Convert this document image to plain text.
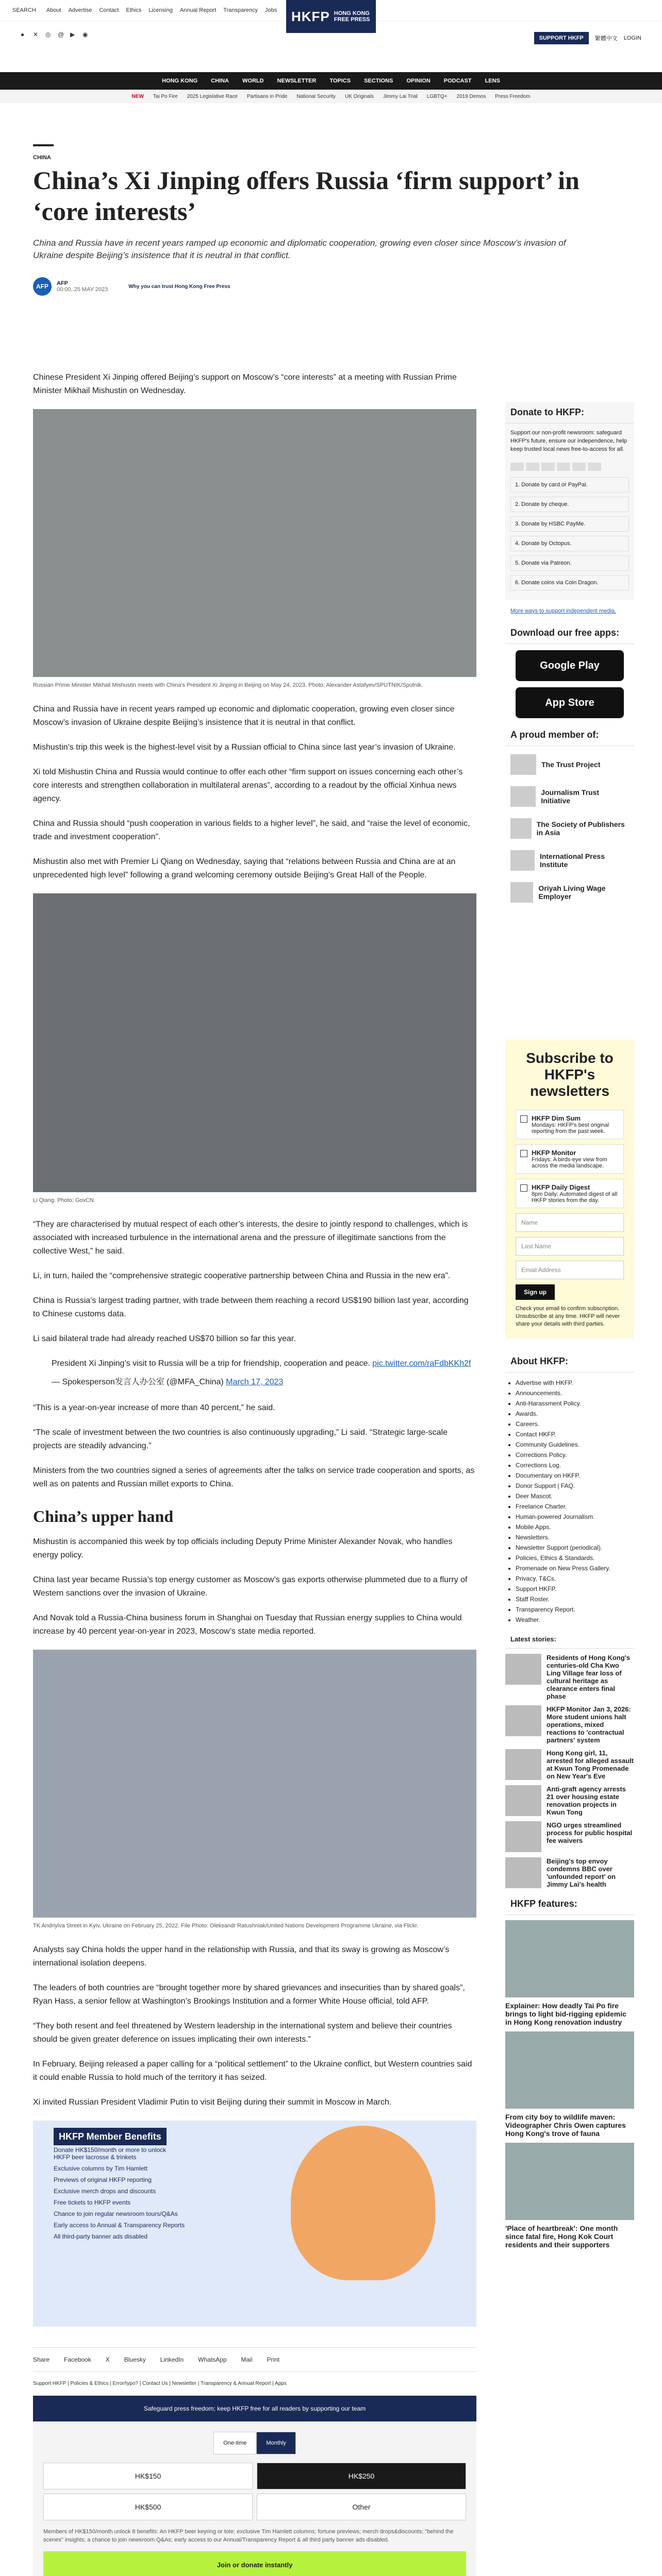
SEARCH About Advertise Contact Ethics Licensing Annual Report Transparency Jobs HKFP HONG KONG
FREE PRESS
●	✕	◎ @ ▶	◉	SUPPORT HKFP	繁體中文 LOGIN
HONG KONG CHINA WORLD NEWSLETTER TOPICS SECTIONS OPINION PODCAST LENS
NEW Tai Po Fire 2025 Legislative Race Partisans in Pride National Security UK Originals Jimmy Lai Trial LGBTQ+ 2019 Demos Press Freedom
CHINA
China’s Xi Jinping offers Russia ‘firm support’ in ‘core interests’
China and Russia have in recent years ramped up economic and diplomatic cooperation, growing even closer since Moscow’s invasion of Ukraine despite Beijing’s insistence that it is neutral in that conflict.
AFP	AFP
00:00, 25 MAY 2023	Why you can trust Hong Kong Free Press

Chinese President Xi Jinping offered Beijing’s support on Moscow’s “core interests” at a meeting with Russian Prime Minister Mikhail Mishustin on Wednesday.

Russian Prime Minister Mikhail Mishustin meets with China’s President Xi Jinping in Beijing on May 24, 2023. Photo: Alexander Astafyev/SPUTNIK/Sputnik.

China and Russia have in recent years ramped up economic and diplomatic cooperation, growing even closer since Moscow’s invasion of Ukraine despite Beijing’s insistence that it is neutral in that conflict.

Mishustin’s trip this week is the highest-level visit by a Russian official to China since last year’s invasion of Ukraine.

Xi told Mishustin China and Russia would continue to offer each other “firm support on issues concerning each other’s core interests and strengthen collaboration in multilateral arenas”, according to a readout by the official Xinhua news agency.

China and Russia should “push cooperation in various fields to a higher level”, he said, and “raise the level of economic, trade and investment cooperation”.

Mishustin also met with Premier Li Qiang on Wednesday, saying that “relations between Russia and China are at an unprecedented high level” following a grand welcoming ceremony outside Beijing’s Great Hall of the People.

Li Qiang. Photo: GovCN.

“They are characterised by mutual respect of each other’s interests, the desire to jointly respond to challenges, which is associated with increased turbulence in the international arena and the pressure of illegitimate sanctions from the collective West,” he said.

Li, in turn, hailed the “comprehensive strategic cooperative partnership between China and Russia in the new era”.

China is Russia’s largest trading partner, with trade between them reaching a record US$190 billion last year, according to Chinese customs data.

Li said bilateral trade had already reached US$70 billion so far this year.

President Xi Jinping’s visit to Russia will be a trip for friendship, cooperation and peace. pic.twitter.com/raFdbKKh2f
— Spokesperson发言人办公室 (@MFA_China) March 17, 2023

“This is a year-on-year increase of more than 40 percent,” he said.

“The scale of investment between the two countries is also continuously upgrading,” Li said. “Strategic large-scale projects are steadily advancing.”

Ministers from the two countries signed a series of agreements after the talks on service trade cooperation and sports, as well as on patents and Russian millet exports to China.

China’s upper hand

Mishustin is accompanied this week by top officials including Deputy Prime Minister Alexander Novak, who handles energy policy.

China last year became Russia’s top energy customer as Moscow’s gas exports otherwise plummeted due to a flurry of Western sanctions over the invasion of Ukraine.

And Novak told a Russia-China business forum in Shanghai on Tuesday that Russian energy supplies to China would increase by 40 percent year-on-year in 2023, Moscow’s state media reported.

TK Andriyiva Street in Kyiv, Ukraine on February 25, 2022. File Photo: Oleksandr Ratushniak/United Nations Development Programme Ukraine, via Flickr.

Analysts say China holds the upper hand in the relationship with Russia, and that its sway is growing as Moscow’s international isolation deepens.

The leaders of both countries are “brought together more by shared grievances and insecurities than by shared goals”, Ryan Hass, a senior fellow at Washington’s Brookings Institution and a former White House official, told AFP.

“They both resent and feel threatened by Western leadership in the international system and believe their countries should be given greater deference on issues implicating their own interests.”

In February, Beijing released a paper calling for a “political settlement” to the Ukraine conflict, but Western countries said it could enable Russia to hold much of the territory it has seized.

Xi invited Russian President Vladimir Putin to visit Beijing during their summit in Moscow in March.

HKFP Member Benefits
Donate HK$150/month or more to unlock
HKFP beer lacrosse & trinkets
Exclusive columns by Tim Hamlett
Previews of original HKFP reporting
Exclusive merch drops and discounts
Free tickets to HKFP events
Chance to join regular newsroom tours/Q&As
Early access to Annual & Transparency Reports
All third-party banner ads disabled
Share Facebook X Bluesky LinkedIn WhatsApp Mail Print
Support HKFP | Policies & Ethics | Error/typo? | Contact Us | Newsletter | Transparency & Annual Report | Apps
Safeguard press freedom; keep HKFP free for all readers by supporting our team
One-time	Monthly
HK$150	HK$250
HK$500	Other
Members of HK$150/month unlock 8 benefits: An HKFP beer keyring or tote; exclusive Tim Hamlett columns; fortune previews; merch drops&discounts; "behind the scenes" insights; a chance to join newsroom Q&As; early access to our Annual/Transparency Report & all third party banner ads disabled.
Join or donate instantly
Donate to HKFP:
Support our non-profit newsroom: safeguard HKFP's future, ensure our independence, help keep trusted local news free-to-access for all.
1. Donate by card or PayPal.
2. Donate by cheque.
3. Donate by HSBC PayMe.
4. Donate by Octopus.
5. Donate via Patreon.
6. Donate coins via Coin Dragon.
More ways to support independent media.
Download our free apps:
Google Play
App Store
A proud member of:
The Trust Project
Journalism Trust Initiative
The Society of Publishers in Asia
International Press Institute
Oriyah Living Wage Employer
Subscribe to HKFP's newsletters
HKFP Dim Sum
Mondays: HKFP's best original reporting from the past week.
HKFP Monitor
Fridays: A birds-eye view from across the media landscape.
HKFP Daily Digest
8pm Daily: Automated digest of all HKFP stories from the day.
Name
Last Name
Email Address
Sign up
Check your email to confirm subscription. Unsubscribe at any time. HKFP will never share your details with third parties.
About HKFP:
• Advertise with HKFP.
• Announcements.
• Anti-Harassment Policy.
• Awards.
• Careers.
• Contact HKFP.
• Community Guidelines.
• Corrections Policy.
• Corrections Log.
• Documentary on HKFP.
• Donor Support | FAQ.
• Deer Mascot.
• Freelance Charter.
• Human-powered Journalism.
• Mobile Apps.
• Newsletters.
• Newsletter Support (periodical).
• Policies, Ethics & Standards.
• Promenade on New Press Gallery.
• Privacy, T&Cs.
• Support HKFP.
• Staff Roster.
• Transparency Report.
• Weather.
Latest stories:
Residents of Hong Kong's centuries-old Cha Kwo Ling Village fear loss of cultural heritage as clearance enters final phase
HKFP Monitor Jan 3, 2026: More student unions halt operations, mixed reactions to 'contractual partners' system
Hong Kong girl, 11, arrested for alleged assault at Kwun Tong Promenade on New Year's Eve
Anti-graft agency arrests 21 over housing estate renovation projects in Kwun Tong
NGO urges streamlined process for public hospital fee waivers
Beijing's top envoy condemns BBC over 'unfounded report' on Jimmy Lai's health
HKFP features:

Explainer: How deadly Tai Po fire brings to light bid-rigging epidemic in Hong Kong renovation industry

From city boy to wildlife maven: Videographer Chris Owen captures Hong Kong's trove of fauna

'Place of heartbreak': One month since fatal fire, Hong Kok Court residents and their supporters
